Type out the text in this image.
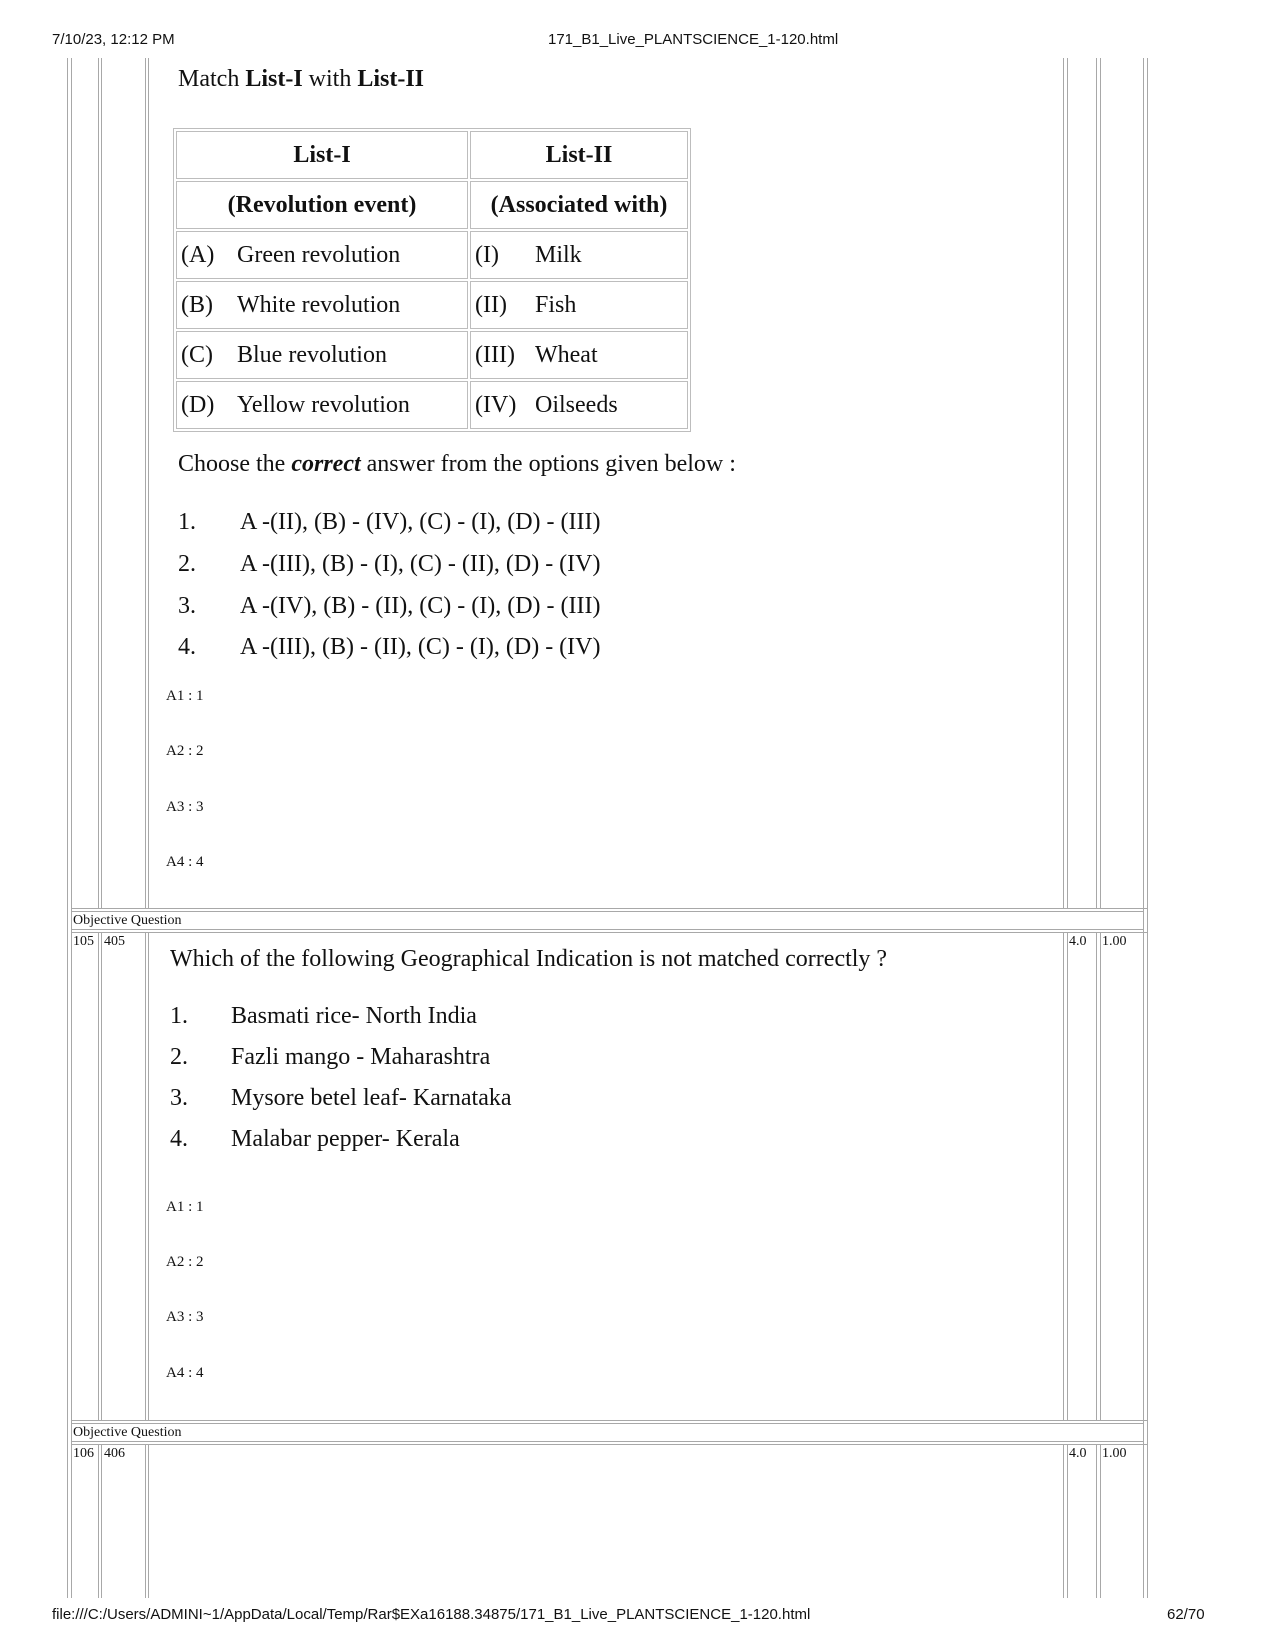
7/10/23, 12:12 PM	171_B1_Live_PLANTSCIENCE_1-120.html
file:///C:/Users/ADMINI~1/AppData/Local/Temp/Rar$EXa16188.34875/171_B1_Live_PLANTSCIENCE_1-120.html	62/70
Match List-I with List-II
List-I	List-II
(Revolution event)	(Associated with)
(A) Green revolution	(I) Milk
(B) White revolution	(II) Fish
(C) Blue revolution	(III) Wheat
(D) Yellow revolution	(IV) Oilseeds
Choose the correct answer from the options given below :
1. A -(II), (B) - (IV), (C) - (I), (D) - (III)
2. A -(III), (B) - (I), (C) - (II), (D) - (IV)
3. A -(IV), (B) - (II), (C) - (I), (D) - (III)
4. A -(III), (B) - (II), (C) - (I), (D) - (IV)
A1 : 1
A2 : 2
A3 : 3
A4 : 4
Objective Question
105 405	4.0 1.00
Which of the following Geographical Indication is not matched correctly ?
1. Basmati rice- North India
2. Fazli mango - Maharashtra
3. Mysore betel leaf- Karnataka
4. Malabar pepper- Kerala
A1 : 1
A2 : 2
A3 : 3
A4 : 4
Objective Question
106 406	4.0 1.00
